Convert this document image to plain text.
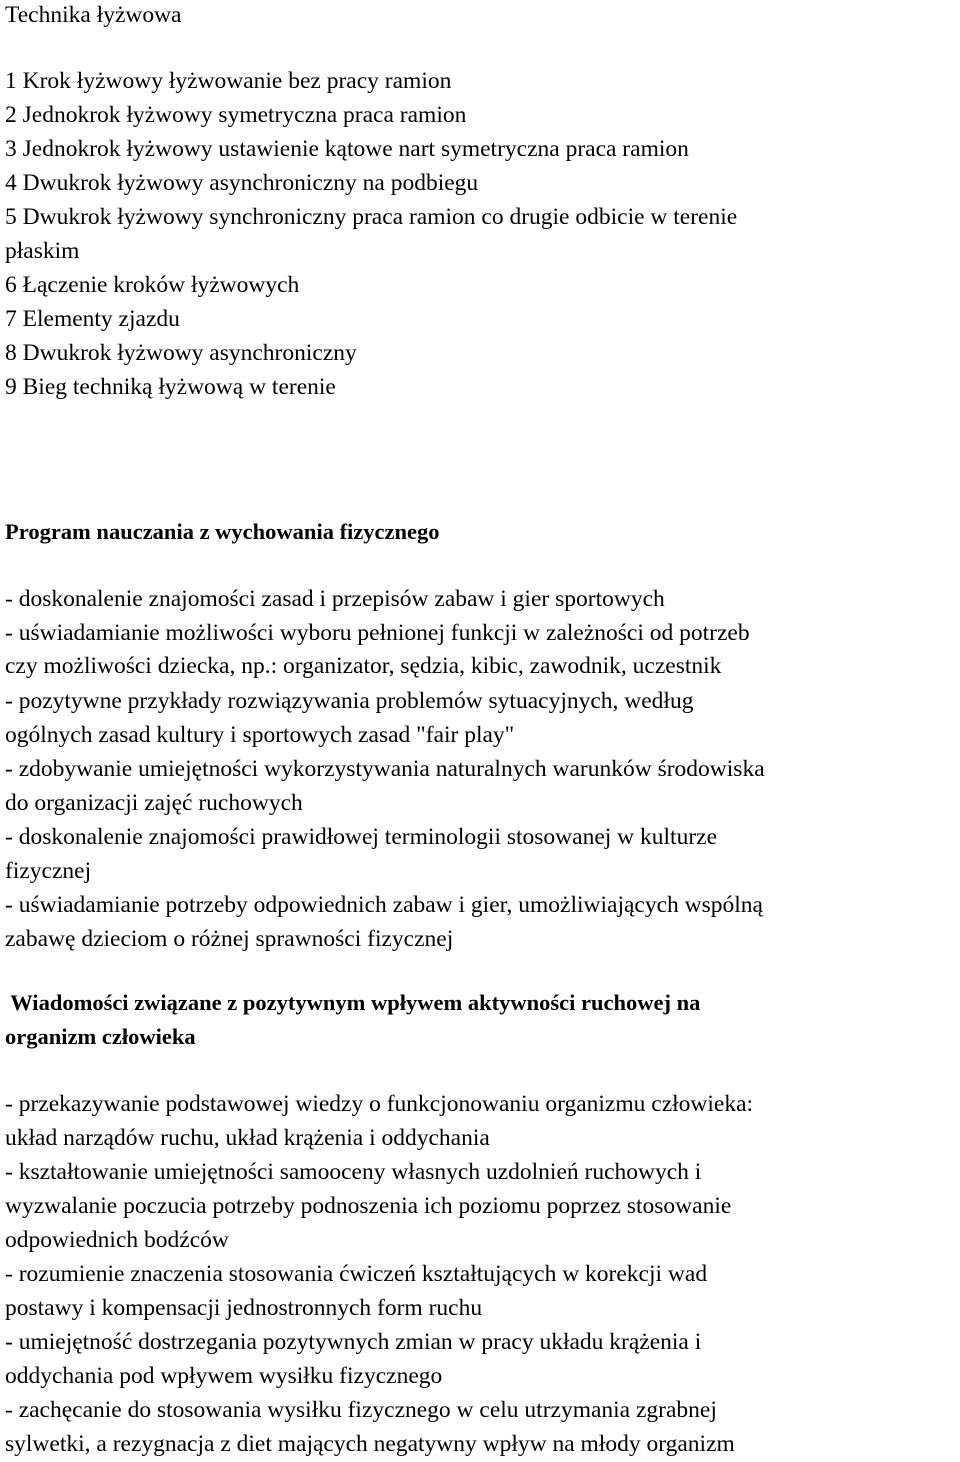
Technika łyżwowa

1 Krok łyżwowy łyżwowanie bez pracy ramion

2 Jednokrok łyżwowy symetryczna praca ramion

3 Jednokrok łyżwowy ustawienie kątowe nart symetryczna praca ramion

4 Dwukrok łyżwowy asynchroniczny na podbiegu

5 Dwukrok łyżwowy synchroniczny praca ramion co drugie odbicie w terenie

płaskim

6 Łączenie kroków łyżwowych

7 Elementy zjazdu

8 Dwukrok łyżwowy asynchroniczny

9 Bieg techniką łyżwową w terenie

Program nauczania z wychowania fizycznego

- doskonalenie znajomości zasad i przepisów zabaw i gier sportowych

- uświadamianie możliwości wyboru pełnionej funkcji w zależności od potrzeb

czy możliwości dziecka, np.: organizator, sędzia, kibic, zawodnik, uczestnik

- pozytywne przykłady rozwiązywania problemów sytuacyjnych, według

ogólnych zasad kultury i sportowych zasad "fair play"

- zdobywanie umiejętności wykorzystywania naturalnych warunków środowiska

do organizacji zajęć ruchowych

- doskonalenie znajomości prawidłowej terminologii stosowanej w kulturze

fizycznej

- uświadamianie potrzeby odpowiednich zabaw i gier, umożliwiających wspólną

zabawę dzieciom o różnej sprawności fizycznej

Wiadomości związane z pozytywnym wpływem aktywności ruchowej na

organizm człowieka

- przekazywanie podstawowej wiedzy o funkcjonowaniu organizmu człowieka:

układ narządów ruchu, układ krążenia i oddychania

- kształtowanie umiejętności samooceny własnych uzdolnień ruchowych i

wyzwalanie poczucia potrzeby podnoszenia ich poziomu poprzez stosowanie

odpowiednich bodźców

- rozumienie znaczenia stosowania ćwiczeń kształtujących w korekcji wad

postawy i kompensacji jednostronnych form ruchu

- umiejętność dostrzegania pozytywnych zmian w pracy układu krążenia i

oddychania pod wpływem wysiłku fizycznego

- zachęcanie do stosowania wysiłku fizycznego w celu utrzymania zgrabnej

sylwetki, a rezygnacja z diet mających negatywny wpływ na młody organizm
